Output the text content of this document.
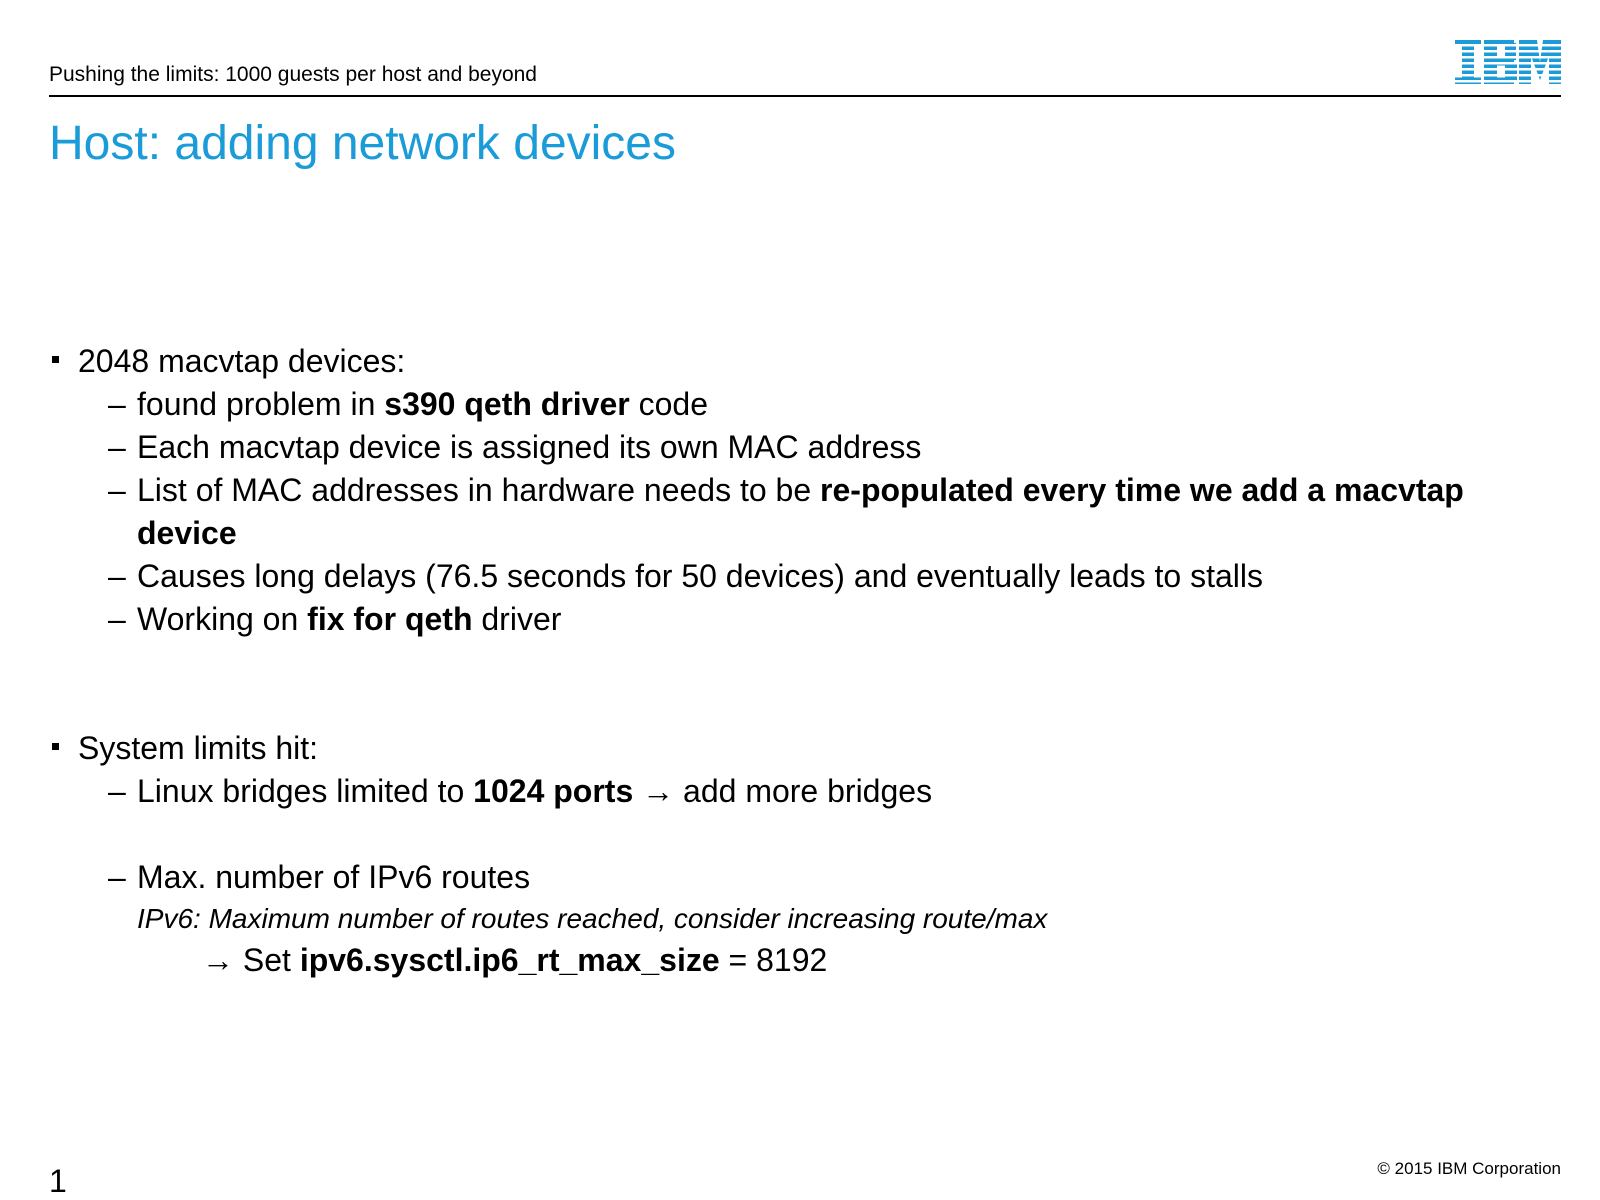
Pushing the limits: 1000 guests per host and beyond
Host: adding network devices
2048 macvtap devices:
– found problem in s390 qeth driver code
– Each macvtap device is assigned its own MAC address
– List of MAC addresses in hardware needs to be re-populated every time we add a macvtap device
– Causes long delays (76.5 seconds for 50 devices) and eventually leads to stalls
– Working on fix for qeth driver
System limits hit:
– Linux bridges limited to 1024 ports → add more bridges
– Max. number of IPv6 routes
IPv6: Maximum number of routes reached, consider increasing route/max
→ Set ipv6.sysctl.ip6_rt_max_size = 8192
1	© 2015 IBM Corporation
